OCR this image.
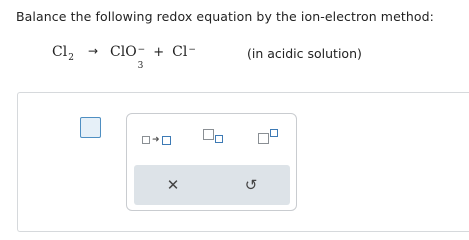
Balance the following redox equation by the ion-electron method:
Cl 2 → ClO −
3
+ Cl −	(in acidic solution)
➜
✕	↺
